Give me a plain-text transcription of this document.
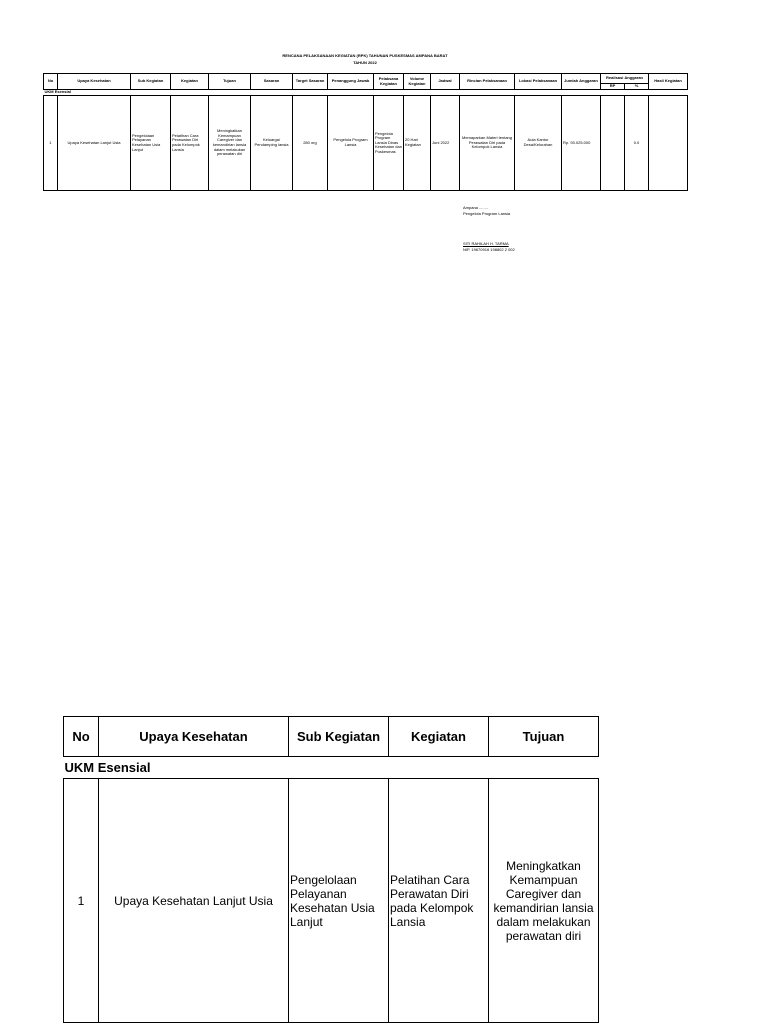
RENCANA PELAKSANAAN KEGIATAN (RPK) TAHUNAN PUSKESMAS AMPANA BARAT
TAHUN 2022
No	Upaya Kesehatan	Sub Kegiatan	Kegiatan	Tujuan	Sasaran	Target Sasaran	Penanggung Jawab	Pelaksana Kegiatan	Volume Kegiatan	Jadwal	Rincian Pelaksanaan	Lokasi Pelaksanaan	Jumlah Anggaran	Realisasi Anggaran		Hasil Kegiatan
														RP	%	
UKM Esensial																
1	Upaya Kesehatan Lanjut Usia	Pengelolaan Pelayanan Kesehatan Usia Lanjut	Pelatihan Cara Perawatan Diri pada Kelompok Lansia	Meningkatkan Kemampuan Caregiver dan kemandirian lansia dalam melakukan perawatan diri	Keluarga/ Pendamping lansia	280 org	Pengelola Program Lansia	Pengelola Program Lansia Dinas Kesehatan dan Puskesmas	20 Hari Kegiatan	Juni 2022	Memaparkan Materi tentang Perawatan Diri pada Kelompok Lansia	Aula Kantor Desa/Kelurahan	Rp. 93.025.000		0.0	
Ampana ........
Pengelola Program Lansia
SITI RAHILAH H. TARMA
NIP. 19670916 198802 2 002
No	Upaya Kesehatan	Sub Kegiatan	Kegiatan	Tujuan
UKM Esensial				
1	Upaya Kesehatan Lanjut Usia	Pengelolaan Pelayanan Kesehatan Usia Lanjut	Pelatihan Cara Perawatan Diri pada Kelompok Lansia	Meningkatkan Kemampuan Caregiver dan kemandirian lansia dalam melakukan perawatan diri
